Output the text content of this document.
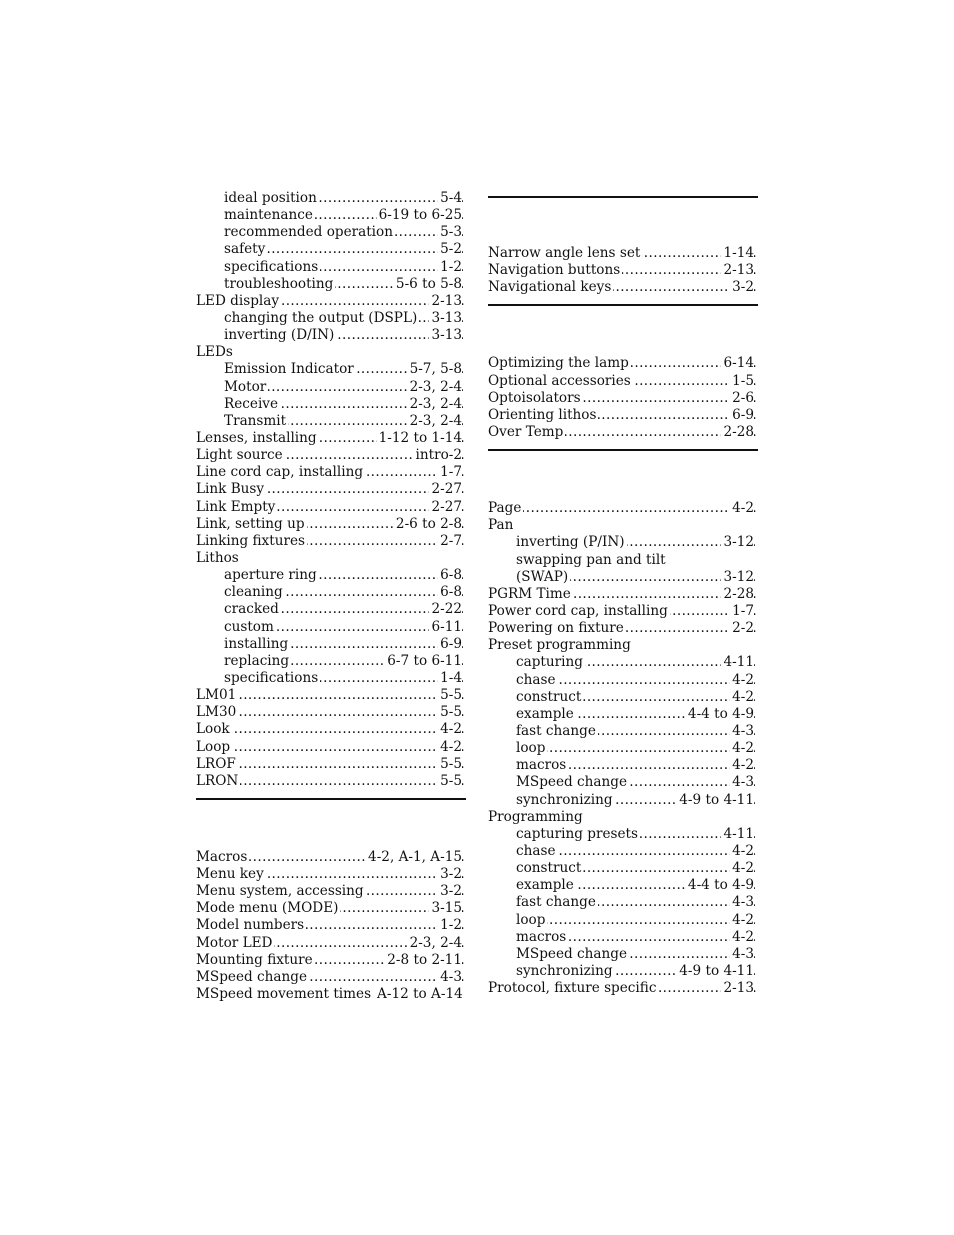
..... ideal position	5-4
..... maintenance	6-19 to 6-25
..... recommended operation	5-3
..... safety	5-2
..... specifications	1-2
..... troubleshooting	5-6 to 5-8
..... LED display	2-13
..... changing the output (DSPL) 3-13
..... inverting (D/IN)	3-13
LEDs
..... Emission Indicator	5-7, 5-8
..... Motor	2-3, 2-4
..... Receive	2-3, 2-4
..... Transmit	2-3, 2-4
..... Lenses, installing	1-12 to 1-14
..... Light source	intro-2
..... Line cord cap, installing	1-7
..... Link Busy	2-27
..... Link Empty	2-27
..... Link, setting up	2-6 to 2-8
..... Linking fixtures	2-7
Lithos
..... aperture ring	6-8
..... cleaning	6-8
..... cracked	2-22
..... custom	6-11
..... installing	6-9
..... replacing	6-7 to 6-11
..... specifications	1-4
..... LM01	5-5
..... LM30	5-5
..... Look	4-2
..... Loop	4-2
..... LROF	5-5
..... LRON	5-5
..... Macros	4-2, A-1, A-15
..... Menu key	3-2
..... Menu system, accessing	3-2
..... Mode menu (MODE)	3-15
..... Model numbers	1-2
..... Motor LED	2-3, 2-4
..... Mounting fixture	2-8 to 2-11
..... MSpeed change	4-3
MSpeed movement times A-12 to A-14
..... Narrow angle lens set	1-14
..... Navigation buttons	2-13
..... Navigational keys	3-2
..... Optimizing the lamp	6-14
..... Optional accessories	1-5
..... Optoisolators	2-6
..... Orienting lithos	6-9
..... Over Temp	2-28
..... Page	4-2
Pan
..... inverting (P/IN)	3-12
swapping pan and tilt
..... (SWAP)	3-12
..... PGRM Time	2-28
..... Power cord cap, installing	1-7
..... Powering on fixture	2-2
Preset programming
..... capturing	4-11
..... chase	4-2
..... construct	4-2
..... example	4-4 to 4-9
..... fast change	4-3
..... loop	4-2
..... macros	4-2
..... MSpeed change	4-3
..... synchronizing	4-9 to 4-11
Programming
..... capturing presets	4-11
..... chase	4-2
..... construct	4-2
..... example	4-4 to 4-9
..... fast change	4-3
..... loop	4-2
..... macros	4-2
..... MSpeed change	4-3
..... synchronizing	4-9 to 4-11
..... Protocol, fixture specific	2-13
